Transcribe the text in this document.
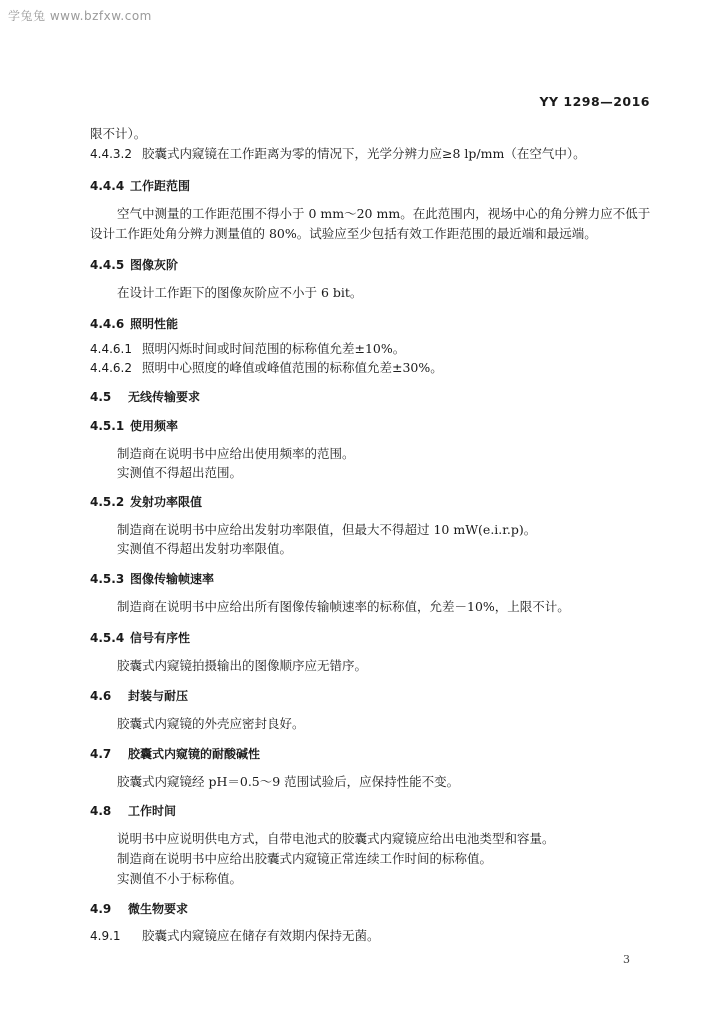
学兔兔 www.bzfxw.com
YY 1298—2016
限不计）。
4.4.3.2 胶囊式内窥镜在工作距离为零的情况下，光学分辨力应≥8 lp/mm（在空气中）。
4.4.4 工作距范围
空气中测量的工作距范围不得小于 0 mm～20 mm。在此范围内，视场中心的角分辨力应不低于
设计工作距处角分辨力测量值的 80%。试验应至少包括有效工作距范围的最近端和最远端。
4.4.5 图像灰阶
在设计工作距下的图像灰阶应不小于 6 bit。
4.4.6 照明性能
4.4.6.1 照明闪烁时间或时间范围的标称值允差±10%。
4.4.6.2 照明中心照度的峰值或峰值范围的标称值允差±30%。
4.5 无线传输要求
4.5.1 使用频率
制造商在说明书中应给出使用频率的范围。
实测值不得超出范围。
4.5.2 发射功率限值
制造商在说明书中应给出发射功率限值，但最大不得超过 10 mW(e.i.r.p)。
实测值不得超出发射功率限值。
4.5.3 图像传输帧速率
制造商在说明书中应给出所有图像传输帧速率的标称值，允差－10%，上限不计。
4.5.4 信号有序性
胶囊式内窥镜拍摄输出的图像顺序应无错序。
4.6 封装与耐压
胶囊式内窥镜的外壳应密封良好。
4.7 胶囊式内窥镜的耐酸碱性
胶囊式内窥镜经 pH＝0.5～9 范围试验后，应保持性能不变。
4.8 工作时间
说明书中应说明供电方式，自带电池式的胶囊式内窥镜应给出电池类型和容量。
制造商在说明书中应给出胶囊式内窥镜正常连续工作时间的标称值。
实测值不小于标称值。
4.9 微生物要求
4.9.1 胶囊式内窥镜应在储存有效期内保持无菌。
3
